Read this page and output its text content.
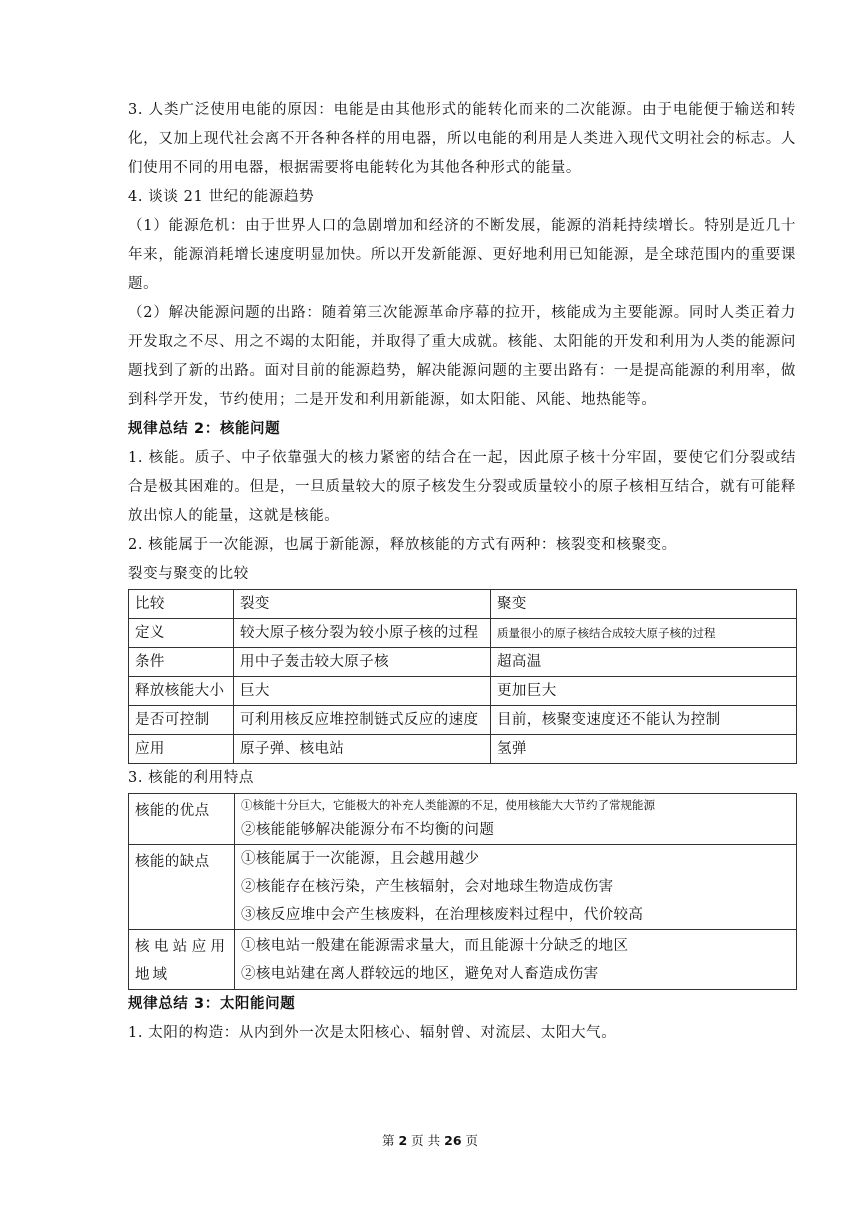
3. 人类广泛使用电能的原因：电能是由其他形式的能转化而来的二次能源。由于电能便于输送和转化，又加上现代社会离不开各种各样的用电器，所以电能的利用是人类进入现代文明社会的标志。人们使用不同的用电器，根据需要将电能转化为其他各种形式的能量。

4. 谈谈 21 世纪的能源趋势

（1）能源危机：由于世界人口的急剧增加和经济的不断发展，能源的消耗持续增长。特别是近几十年来，能源消耗增长速度明显加快。所以开发新能源、更好地利用已知能源，是全球范围内的重要课题。

（2）解决能源问题的出路：随着第三次能源革命序幕的拉开，核能成为主要能源。同时人类正着力开发取之不尽、用之不竭的太阳能，并取得了重大成就。核能、太阳能的开发和利用为人类的能源问题找到了新的出路。面对目前的能源趋势，解决能源问题的主要出路有：一是提高能源的利用率，做到科学开发，节约使用；二是开发和利用新能源，如太阳能、风能、地热能等。

规律总结 2：核能问题

1. 核能。质子、中子依靠强大的核力紧密的结合在一起，因此原子核十分牢固，要使它们分裂或结合是极其困难的。但是，一旦质量较大的原子核发生分裂或质量较小的原子核相互结合，就有可能释放出惊人的能量，这就是核能。

2. 核能属于一次能源，也属于新能源，释放核能的方式有两种：核裂变和核聚变。

裂变与聚变的比较

比较	裂变	聚变
定义	较大原子核分裂为较小原子核的过程	质量很小的原子核结合成较大原子核的过程
条件	用中子轰击较大原子核	超高温
释放核能大小	巨大	更加巨大
是否可控制	可利用核反应堆控制链式反应的速度	目前，核聚变速度还不能认为控制
应用	原子弹、核电站	氢弹

3. 核能的利用特点

核能的优点	①核能十分巨大，它能极大的补充人类能源的不足，使用核能大大节约了常规能源
②核能能够解决能源分布不均衡的问题

核能的缺点	①核能属于一次能源，且会越用越少
②核能存在核污染，产生核辐射，会对地球生物造成伤害
③核反应堆中会产生核废料，在治理核废料过程中，代价较高

核电站应用地域	①核电站一般建在能源需求量大，而且能源十分缺乏的地区
②核电站建在离人群较远的地区，避免对人畜造成伤害

规律总结 3：太阳能问题

1. 太阳的构造：从内到外一次是太阳核心、辐射曾、对流层、太阳大气。

第 2 页 共 26 页
